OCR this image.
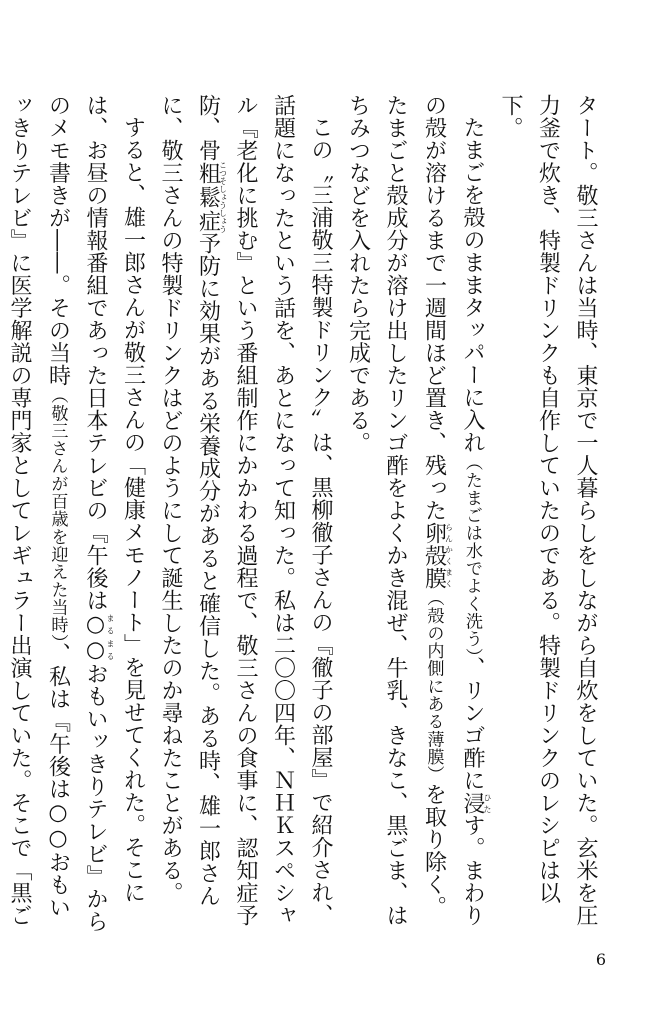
タート。敬三さんは当時、東京で一人暮らしをしながら自炊をしていた。玄米を圧力釜で炊き、特製ドリンクも自作していたのである。特製ドリンクのレシピは以下。

たまごを殻のままタッパーに入れ（たまごは水でよく洗う）、リンゴ酢に浸ひたす。まわりの殻が溶けるまで一週間ほど置き、残った卵殻膜らんかくまく（殻の内側にある薄膜）を取り除く。たまごと殻成分が溶け出したリンゴ酢をよくかき混ぜ、牛乳、きなこ、黒ごま、はちみつなどを入れたら完成である。

この〝三浦敬三特製ドリンク〟は、黒柳徹子さんの『徹子の部屋』で紹介され、話題になったという話を、あとになって知った。私は二〇〇四年、ＮＨＫスペシャル『老化に挑む』という番組制作にかかわる過程で、敬三さんの食事に、認知症予防、骨粗鬆症こつそしょうしょう予防に効果がある栄養成分があると確信した。ある時、雄一郎さんに、敬三さんの特製ドリンクはどのようにして誕生したのか尋ねたことがある。

すると、雄一郎さんが敬三さんの「健康メモノート」を見せてくれた。そこには、お昼の情報番組であった日本テレビの『午後は○○まるまるおもいッきりテレビ』からのメモ書きが――。その当時（敬三さんが百歳を迎えた当時）、私は『午後は○○おもいッきりテレビ』に医学解説の専門家としてレギュラー出演していた。そこで「黒ご

6
